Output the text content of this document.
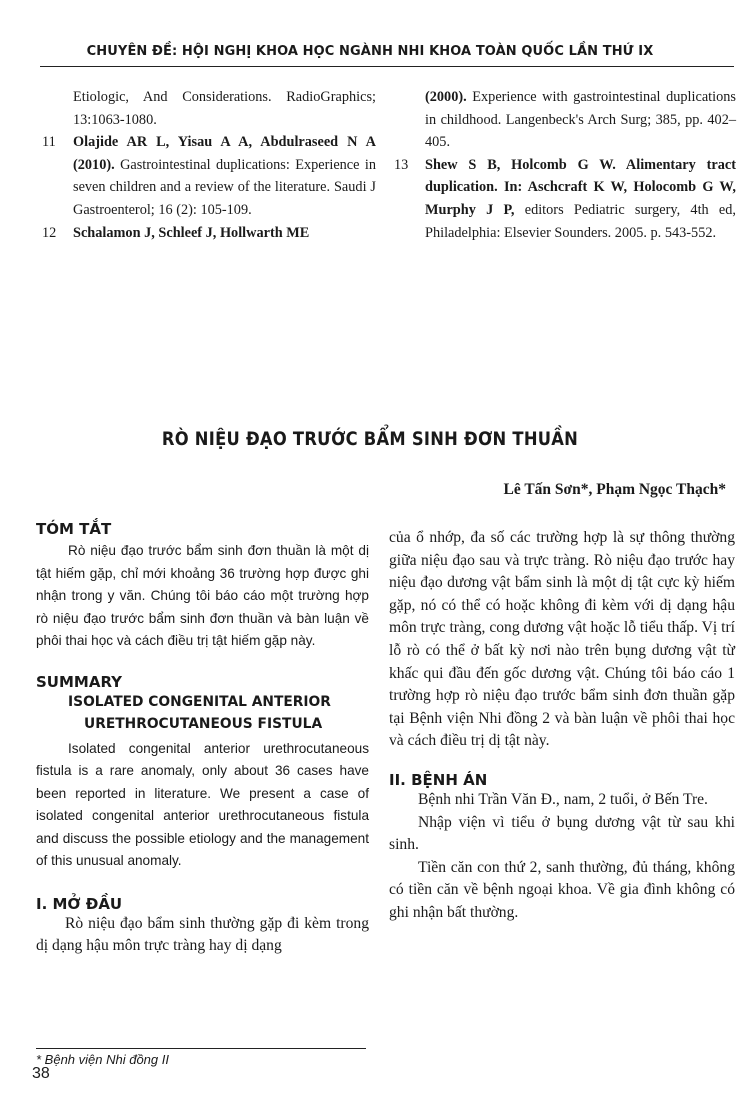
CHUYÊN ĐỀ: HỘI NGHỊ KHOA HỌC NGÀNH NHI KHOA TOÀN QUỐC LẦN THỨ IX
Etiologic, And Considerations. RadioGraphics; 13:1063-1080.
11	Olajide AR L, Yisau A A, Abdulraseed N A (2010). Gastrointestinal duplications: Experience in seven children and a review of the literature. Saudi J Gastroenterol; 16 (2): 105-109.
12	Schalamon J, Schleef J, Hollwarth ME
(2000). Experience with gastrointestinal duplications in childhood. Langenbeck's Arch Surg; 385, pp. 402–405.
13	Shew S B, Holcomb G W. Alimentary tract duplication. In: Aschcraft K W, Holocomb G W, Murphy J P, editors Pediatric surgery, 4th ed, Philadelphia: Elsevier Sounders. 2005. p. 543-552.
RÒ NIỆU ĐẠO TRƯỚC BẨM SINH ĐƠN THUẦN
Lê Tấn Sơn*, Phạm Ngọc Thạch*
TÓM TẮT

Rò niệu đạo trước bẩm sinh đơn thuần là một dị tật hiếm gặp, chỉ mới khoảng 36 trường hợp được ghi nhận trong y văn. Chúng tôi báo cáo một trường hợp rò niệu đạo trước bẩm sinh đơn thuần và bàn luận về phôi thai học và cách điều trị tật hiếm gặp này.

SUMMARY

ISOLATED CONGENITAL ANTERIOR

URETHROCUTANEOUS FISTULA

Isolated congenital anterior urethrocutaneous fistula is a rare anomaly, only about 36 cases have been reported in literature. We present a case of isolated congenital anterior urethrocutaneous fistula and discuss the possible etiology and the management of this unusual anomaly.

I. MỞ ĐẦU

Rò niệu đạo bẩm sinh thường gặp đi kèm trong dị dạng hậu môn trực tràng hay dị dạng

của ổ nhớp, đa số các trường hợp là sự thông thường giữa niệu đạo sau và trực tràng. Rò niệu đạo trước hay niệu đạo dương vật bẩm sinh là một dị tật cực kỳ hiếm gặp, nó có thể có hoặc không đi kèm với dị dạng hậu môn trực tràng, cong dương vật hoặc lỗ tiểu thấp. Vị trí lỗ rò có thể ở bất kỳ nơi nào trên bụng dương vật từ khấc qui đầu đến gốc dương vật. Chúng tôi báo cáo 1 trường hợp rò niệu đạo trước bẩm sinh đơn thuần gặp tại Bệnh viện Nhi đồng 2 và bàn luận về phôi thai học và cách điều trị dị tật này.

II. BỆNH ÁN

Bệnh nhi Trần Văn Đ., nam, 2 tuổi, ở Bến Tre.

Nhập viện vì tiểu ở bụng dương vật từ sau khi sinh.

Tiền căn con thứ 2, sanh thường, đủ tháng, không có tiền căn về bệnh ngoại khoa. Về gia đình không có ghi nhận bất thường.

* Bệnh viện Nhi đồng II
38
